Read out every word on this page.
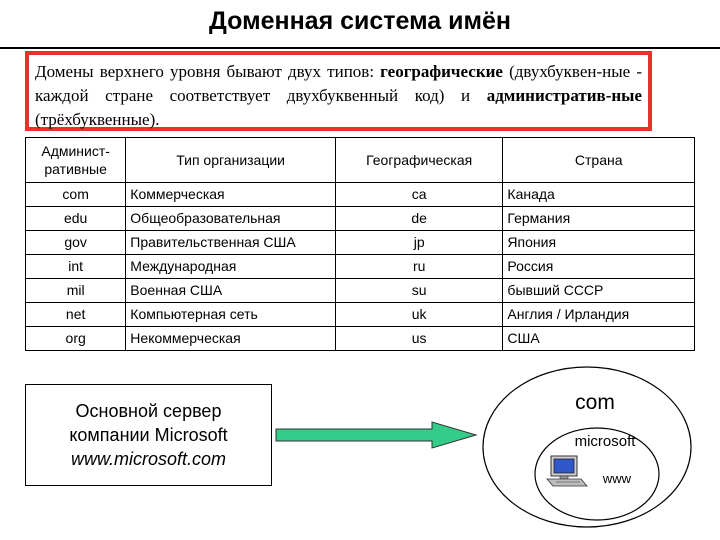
Доменная система имён
Домены верхнего уровня бывают двух типов: географические (двухбуквен-ные - каждой стране соответствует двухбуквенный код) и административ-ные (трёхбуквенные).
Админист-ративные	Тип организации	Географическая	Страна
com	Коммерческая	ca	Канада
edu	Общеобразовательная	de	Германия
gov	Правительственная США	jp	Япония
int	Международная	ru	Россия
mil	Военная США	su	бывший СССР
net	Компьютерная сеть	uk	Англия / Ирландия
org	Некоммерческая	us	США
Основной сервер
компании Microsoft
www.microsoft.com
com
microsoft
www
